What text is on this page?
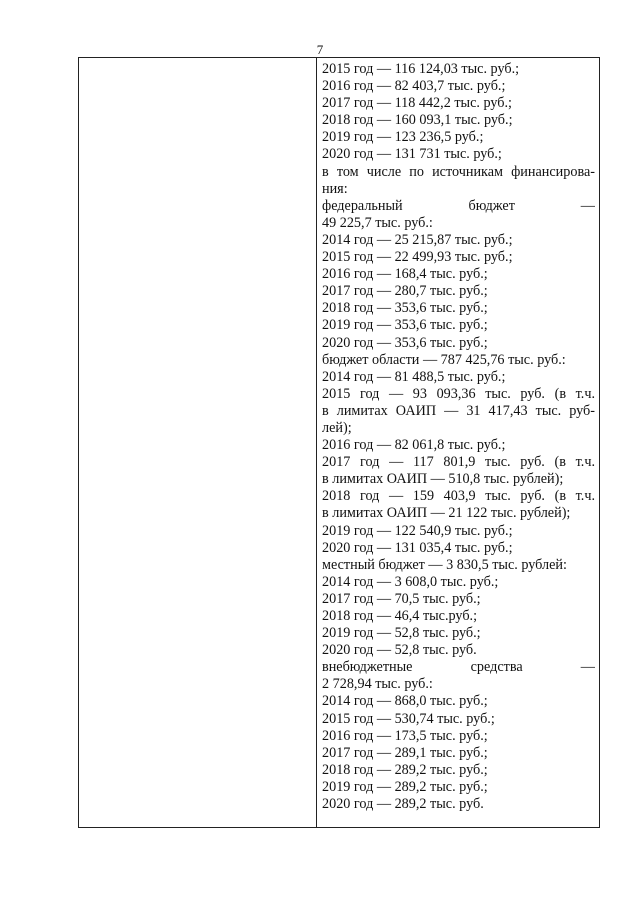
7
2015 год — 116 124,03 тыс. руб.;
2016 год — 82 403,7 тыс. руб.;
2017 год — 118 442,2 тыс. руб.;
2018 год — 160 093,1 тыс. руб.;
2019 год — 123 236,5 руб.;
2020 год — 131 731 тыс. руб.;
в том числе по источникам финансирова-
ния:
федеральный бюджет —
49 225,7 тыс. руб.:
2014 год — 25 215,87 тыс. руб.;
2015 год — 22 499,93 тыс. руб.;
2016 год — 168,4 тыс. руб.;
2017 год — 280,7 тыс. руб.;
2018 год — 353,6 тыс. руб.;
2019 год — 353,6 тыс. руб.;
2020 год — 353,6 тыс. руб.;
бюджет области — 787 425,76 тыс. руб.:
2014 год — 81 488,5 тыс. руб.;
2015 год — 93 093,36 тыс. руб. (в т.ч.
в лимитах ОАИП — 31 417,43 тыс. руб-
лей);
2016 год — 82 061,8 тыс. руб.;
2017 год — 117 801,9 тыс. руб. (в т.ч.
в лимитах ОАИП — 510,8 тыс. рублей);
2018 год — 159 403,9 тыс. руб. (в т.ч.
в лимитах ОАИП — 21 122 тыс. рублей);
2019 год — 122 540,9 тыс. руб.;
2020 год — 131 035,4 тыс. руб.;
местный бюджет — 3 830,5 тыс. рублей:
2014 год — 3 608,0 тыс. руб.;
2017 год — 70,5 тыс. руб.;
2018 год — 46,4 тыс.руб.;
2019 год — 52,8 тыс. руб.;
2020 год — 52,8 тыс. руб.
внебюджетные средства —
2 728,94 тыс. руб.:
2014 год — 868,0 тыс. руб.;
2015 год — 530,74 тыс. руб.;
2016 год — 173,5 тыс. руб.;
2017 год — 289,1 тыс. руб.;
2018 год — 289,2 тыс. руб.;
2019 год — 289,2 тыс. руб.;
2020 год — 289,2 тыс. руб.
